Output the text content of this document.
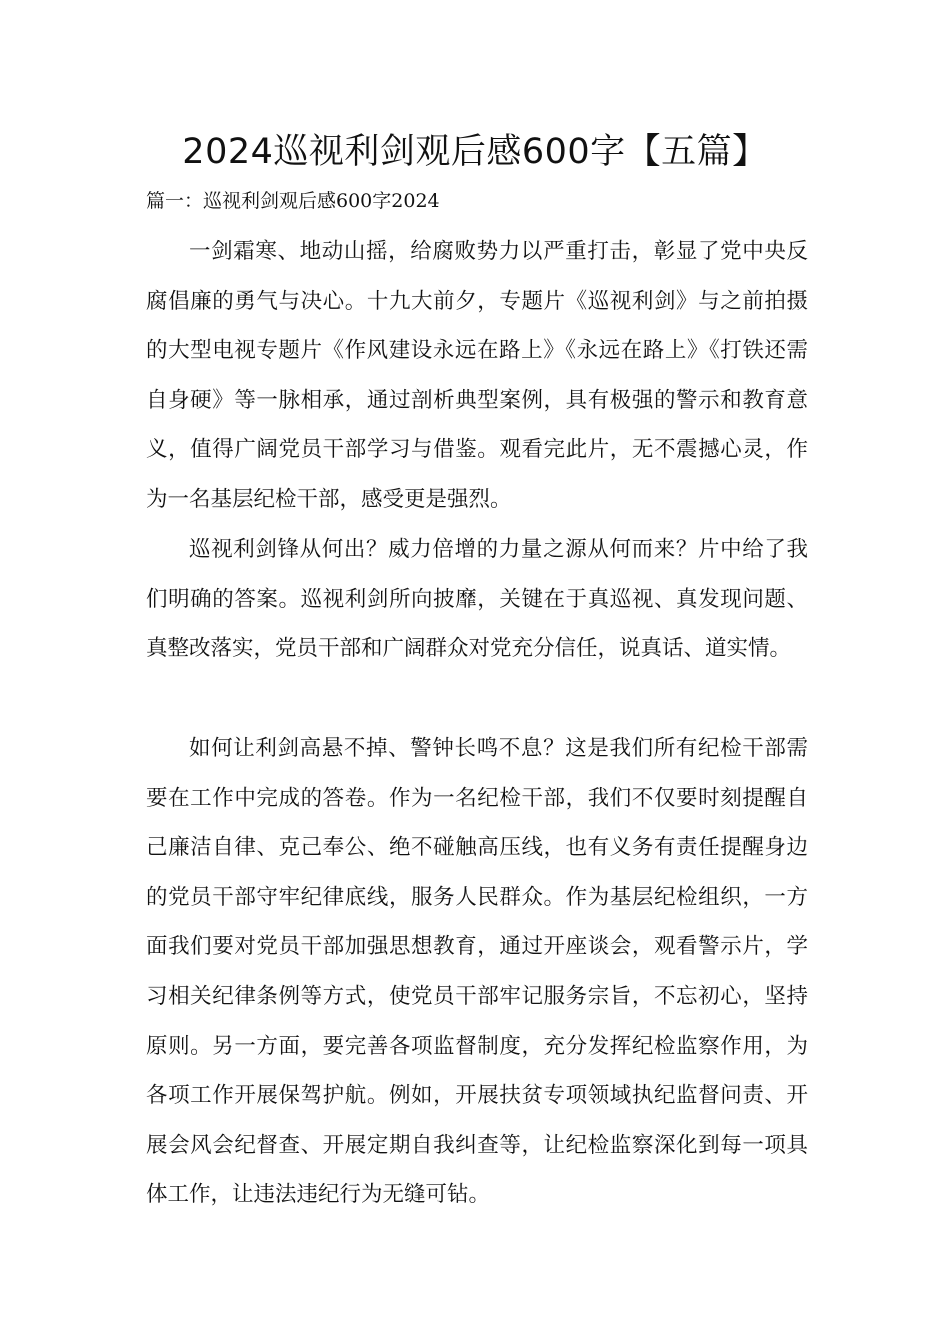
2024巡视利剑观后感600字【五篇】
篇一：巡视利剑观后感600字2024

一剑霜寒、地动山摇，给腐败势力以严重打击，彰显了党中央反腐倡廉的勇气与决心。十九大前夕，专题片《巡视利剑》与之前拍摄的大型电视专题片《作风建设永远在路上》《永远在路上》《打铁还需自身硬》等一脉相承，通过剖析典型案例，具有极强的警示和教育意义，值得广阔党员干部学习与借鉴。观看完此片，无不震撼心灵，作为一名基层纪检干部，感受更是强烈。

巡视利剑锋从何出？威力倍增的力量之源从何而来？片中给了我们明确的答案。巡视利剑所向披靡，关键在于真巡视、真发现问题、真整改落实，党员干部和广阔群众对党充分信任，说真话、道实情。

如何让利剑高悬不掉、警钟长鸣不息？这是我们所有纪检干部需要在工作中完成的答卷。作为一名纪检干部，我们不仅要时刻提醒自己廉洁自律、克己奉公、绝不碰触高压线，也有义务有责任提醒身边的党员干部守牢纪律底线，服务人民群众。作为基层纪检组织，一方面我们要对党员干部加强思想教育，通过开座谈会，观看警示片，学习相关纪律条例等方式，使党员干部牢记服务宗旨，不忘初心，坚持原则。另一方面，要完善各项监督制度，充分发挥纪检监察作用，为各项工作开展保驾护航。例如，开展扶贫专项领域执纪监督问责、开展会风会纪督查、开展定期自我纠查等，让纪检监察深化到每一项具体工作，让违法违纪行为无缝可钻。
